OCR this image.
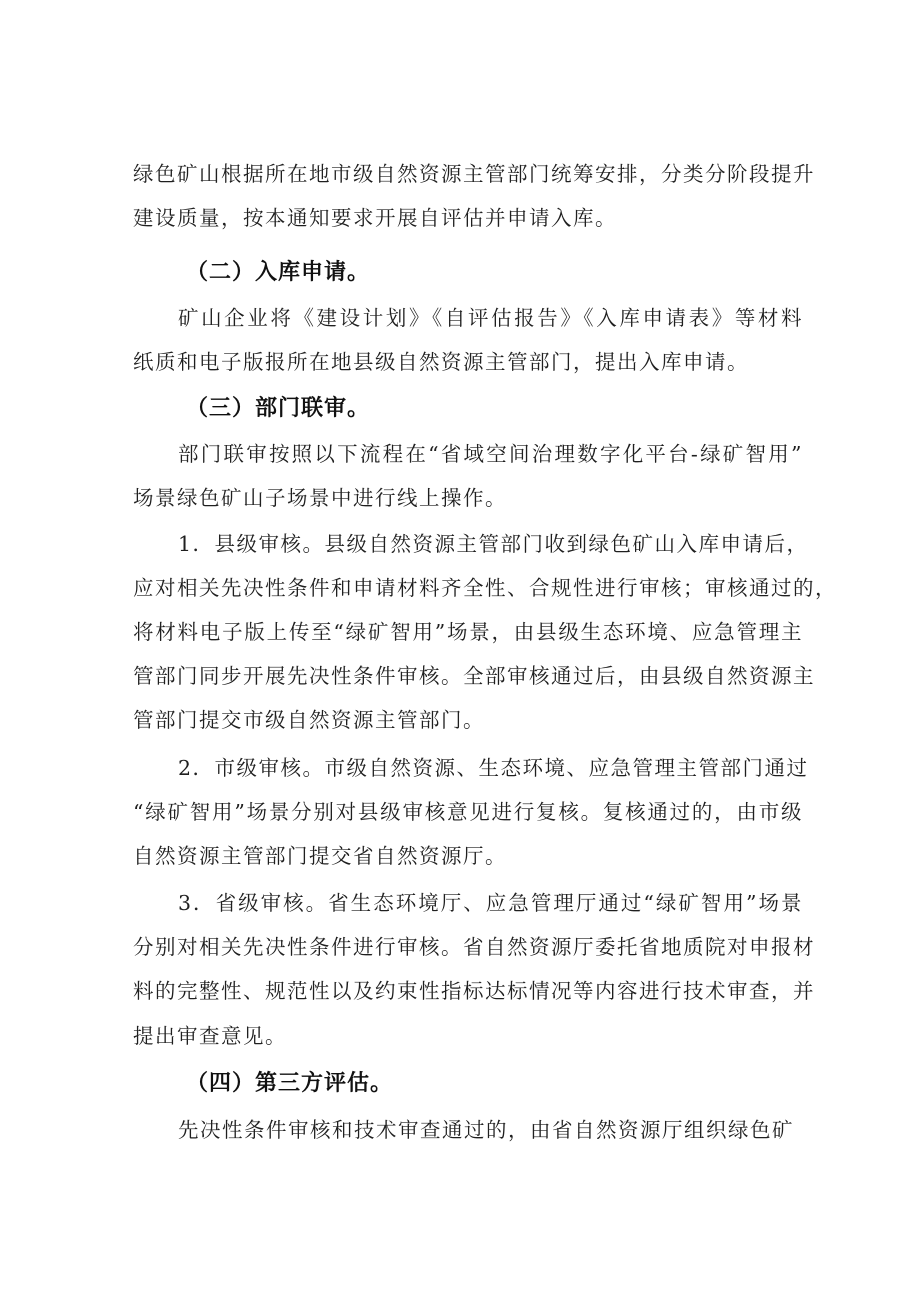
绿色矿山根据所在地市级自然资源主管部门统筹安排，分类分阶段提升
建设质量，按本通知要求开展自评估并申请入库。
（二）入库申请。
矿山企业将《建设计划》《自评估报告》《入库申请表》等材料
纸质和电子版报所在地县级自然资源主管部门，提出入库申请。
（三）部门联审。
部门联审按照以下流程在“省域空间治理数字化平台-绿矿智用”
场景绿色矿山子场景中进行线上操作。
1．县级审核。县级自然资源主管部门收到绿色矿山入库申请后，
应对相关先决性条件和申请材料齐全性、合规性进行审核；审核通过的，
将材料电子版上传至“绿矿智用”场景，由县级生态环境、应急管理主
管部门同步开展先决性条件审核。全部审核通过后，由县级自然资源主
管部门提交市级自然资源主管部门。
2．市级审核。市级自然资源、生态环境、应急管理主管部门通过
“绿矿智用”场景分别对县级审核意见进行复核。复核通过的，由市级
自然资源主管部门提交省自然资源厅。
3．省级审核。省生态环境厅、应急管理厅通过“绿矿智用”场景
分别对相关先决性条件进行审核。省自然资源厅委托省地质院对申报材
料的完整性、规范性以及约束性指标达标情况等内容进行技术审查，并
提出审查意见。
（四）第三方评估。
先决性条件审核和技术审查通过的，由省自然资源厅组织绿色矿
